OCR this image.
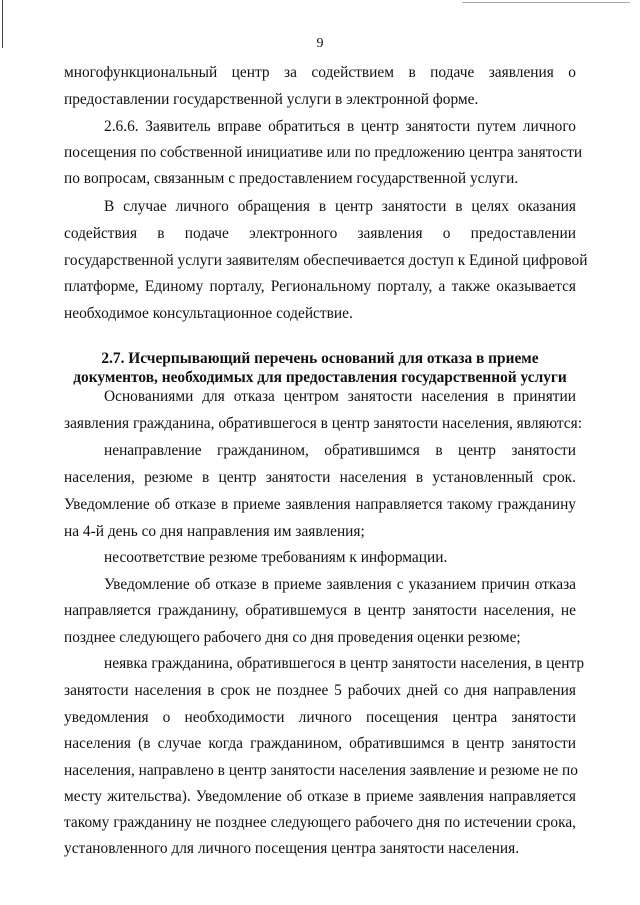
9

многофункциональный центр за содействием в подаче заявления о

предоставлении государственной услуги в электронной форме.

2.6.6. Заявитель вправе обратиться в центр занятости путем личного

посещения по собственной инициативе или по предложению центра занятости

по вопросам, связанным с предоставлением государственной услуги.

В случае личного обращения в центр занятости в целях оказания

содействия в подаче электронного заявления о предоставлении

государственной услуги заявителям обеспечивается доступ к Единой цифровой

платформе, Единому порталу, Региональному порталу, а также оказывается

необходимое консультационное содействие.

2.7. Исчерпывающий перечень оснований для отказа в приеме

документов, необходимых для предоставления государственной услуги

Основаниями для отказа центром занятости населения в принятии

заявления гражданина, обратившегося в центр занятости населения, являются:

ненаправление гражданином, обратившимся в центр занятости

населения, резюме в центр занятости населения в установленный срок.

Уведомление об отказе в приеме заявления направляется такому гражданину

на 4-й день со дня направления им заявления;

несоответствие резюме требованиям к информации.

Уведомление об отказе в приеме заявления с указанием причин отказа

направляется гражданину, обратившемуся в центр занятости населения, не

позднее следующего рабочего дня со дня проведения оценки резюме;

неявка гражданина, обратившегося в центр занятости населения, в центр

занятости населения в срок не позднее 5 рабочих дней со дня направления

уведомления о необходимости личного посещения центра занятости

населения (в случае когда гражданином, обратившимся в центр занятости

населения, направлено в центр занятости населения заявление и резюме не по

месту жительства). Уведомление об отказе в приеме заявления направляется

такому гражданину не позднее следующего рабочего дня по истечении срока,

установленного для личного посещения центра занятости населения.
